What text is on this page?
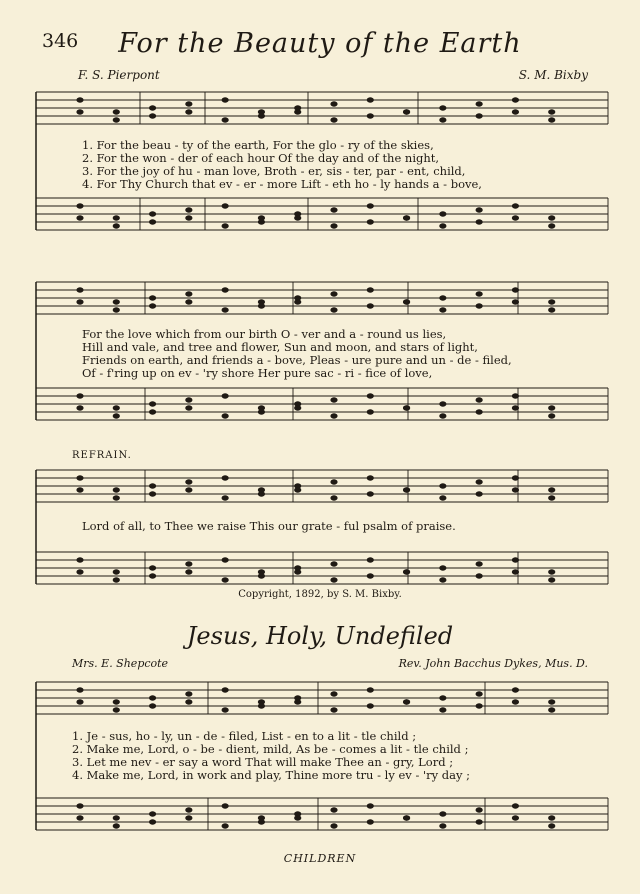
346	For the Beauty of the Earth
F. S. Pierpont	S. M. Bixby
1. For the beau - ty of the earth, For the glo - ry of the skies,
2. For the won - der of each hour Of the day and of the night,
3. For the joy of hu - man love, Broth - er, sis - ter, par - ent, child,
4. For Thy Church that ev - er - more Lift - eth ho - ly hands a - bove,
For the love which from our birth O - ver and a - round us lies,
Hill and vale, and tree and flower, Sun and moon, and stars of light,
Friends on earth, and friends a - bove, Pleas - ure pure and un - de - filed,
Of - f'ring up on ev - 'ry shore Her pure sac - ri - fice of love,
REFRAIN.
Lord of all, to Thee we raise This our grate - ful psalm of praise.
Copyright, 1892, by S. M. Bixby.
Jesus, Holy, Undefiled
Mrs. E. Shepcote	Rev. John Bacchus Dykes, Mus. D.
1. Je - sus, ho - ly, un - de - filed, List - en to a lit - tle child ;
2. Make me, Lord, o - be - dient, mild, As be - comes a lit - tle child ;
3. Let me nev - er say a word That will make Thee an - gry, Lord ;
4. Make me, Lord, in work and play, Thine more tru - ly ev - 'ry day ;
CHILDREN
